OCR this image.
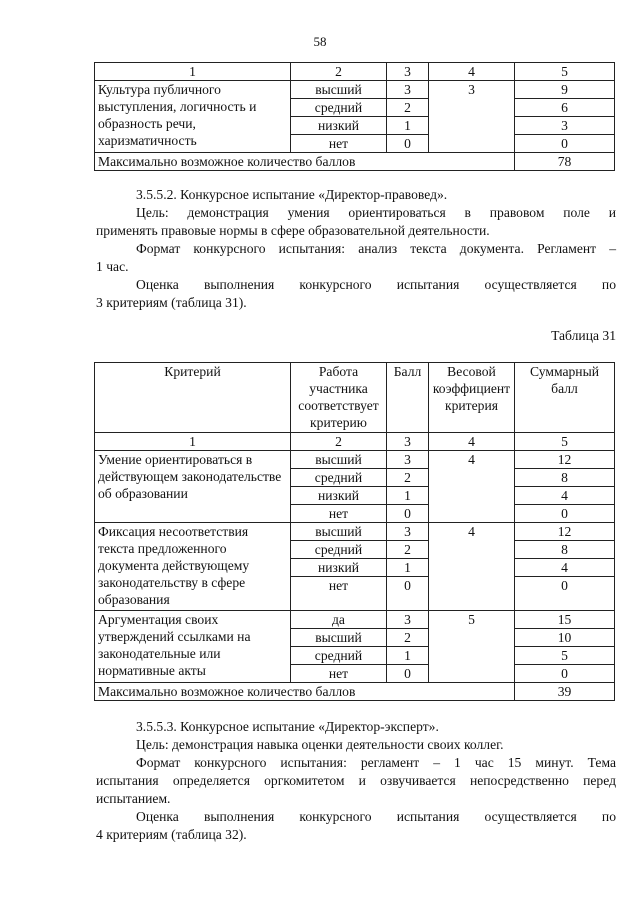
58
1	2	3	4	5
Культура публичного выступления, логичность и образность речи, харизматичность	высший	3	3	9
	средний	2		6
	низкий	1		3
	нет	0		0
Максимально возможное количество баллов				78

3.5.5.2. Конкурсное испытание «Директор-правовед».

Цель: демонстрация умения ориентироваться в правовом поле и

применять правовые нормы в сфере образовательной деятельности.

Формат конкурсного испытания: анализ текста документа. Регламент –

1 час.

Оценка выполнения конкурсного испытания осуществляется по

3 критериям (таблица 31).

Таблица 31
Критерий	Работа участника соответствует критерию	Балл	Весовой коэффициент критерия	Суммарный балл
1	2	3	4	5
Умение ориентироваться в действующем законодательстве об образовании	высший	3	4	12
	средний	2		8
	низкий	1		4
	нет	0		0
Фиксация несоответствия текста предложенного документа действующему законодательству в сфере образования	высший	3	4	12
	средний	2		8
	низкий	1		4
	нет	0		0
Аргументация своих утверждений ссылками на законодательные или нормативные акты	да	3	5	15
	высший	2		10
	средний	1		5
	нет	0		0
Максимально возможное количество баллов				39

3.5.5.3. Конкурсное испытание «Директор-эксперт».

Цель: демонстрация навыка оценки деятельности своих коллег.

Формат конкурсного испытания: регламент – 1 час 15 минут. Тема

испытания определяется оргкомитетом и озвучивается непосредственно перед

испытанием.

Оценка выполнения конкурсного испытания осуществляется по

4 критериям (таблица 32).
